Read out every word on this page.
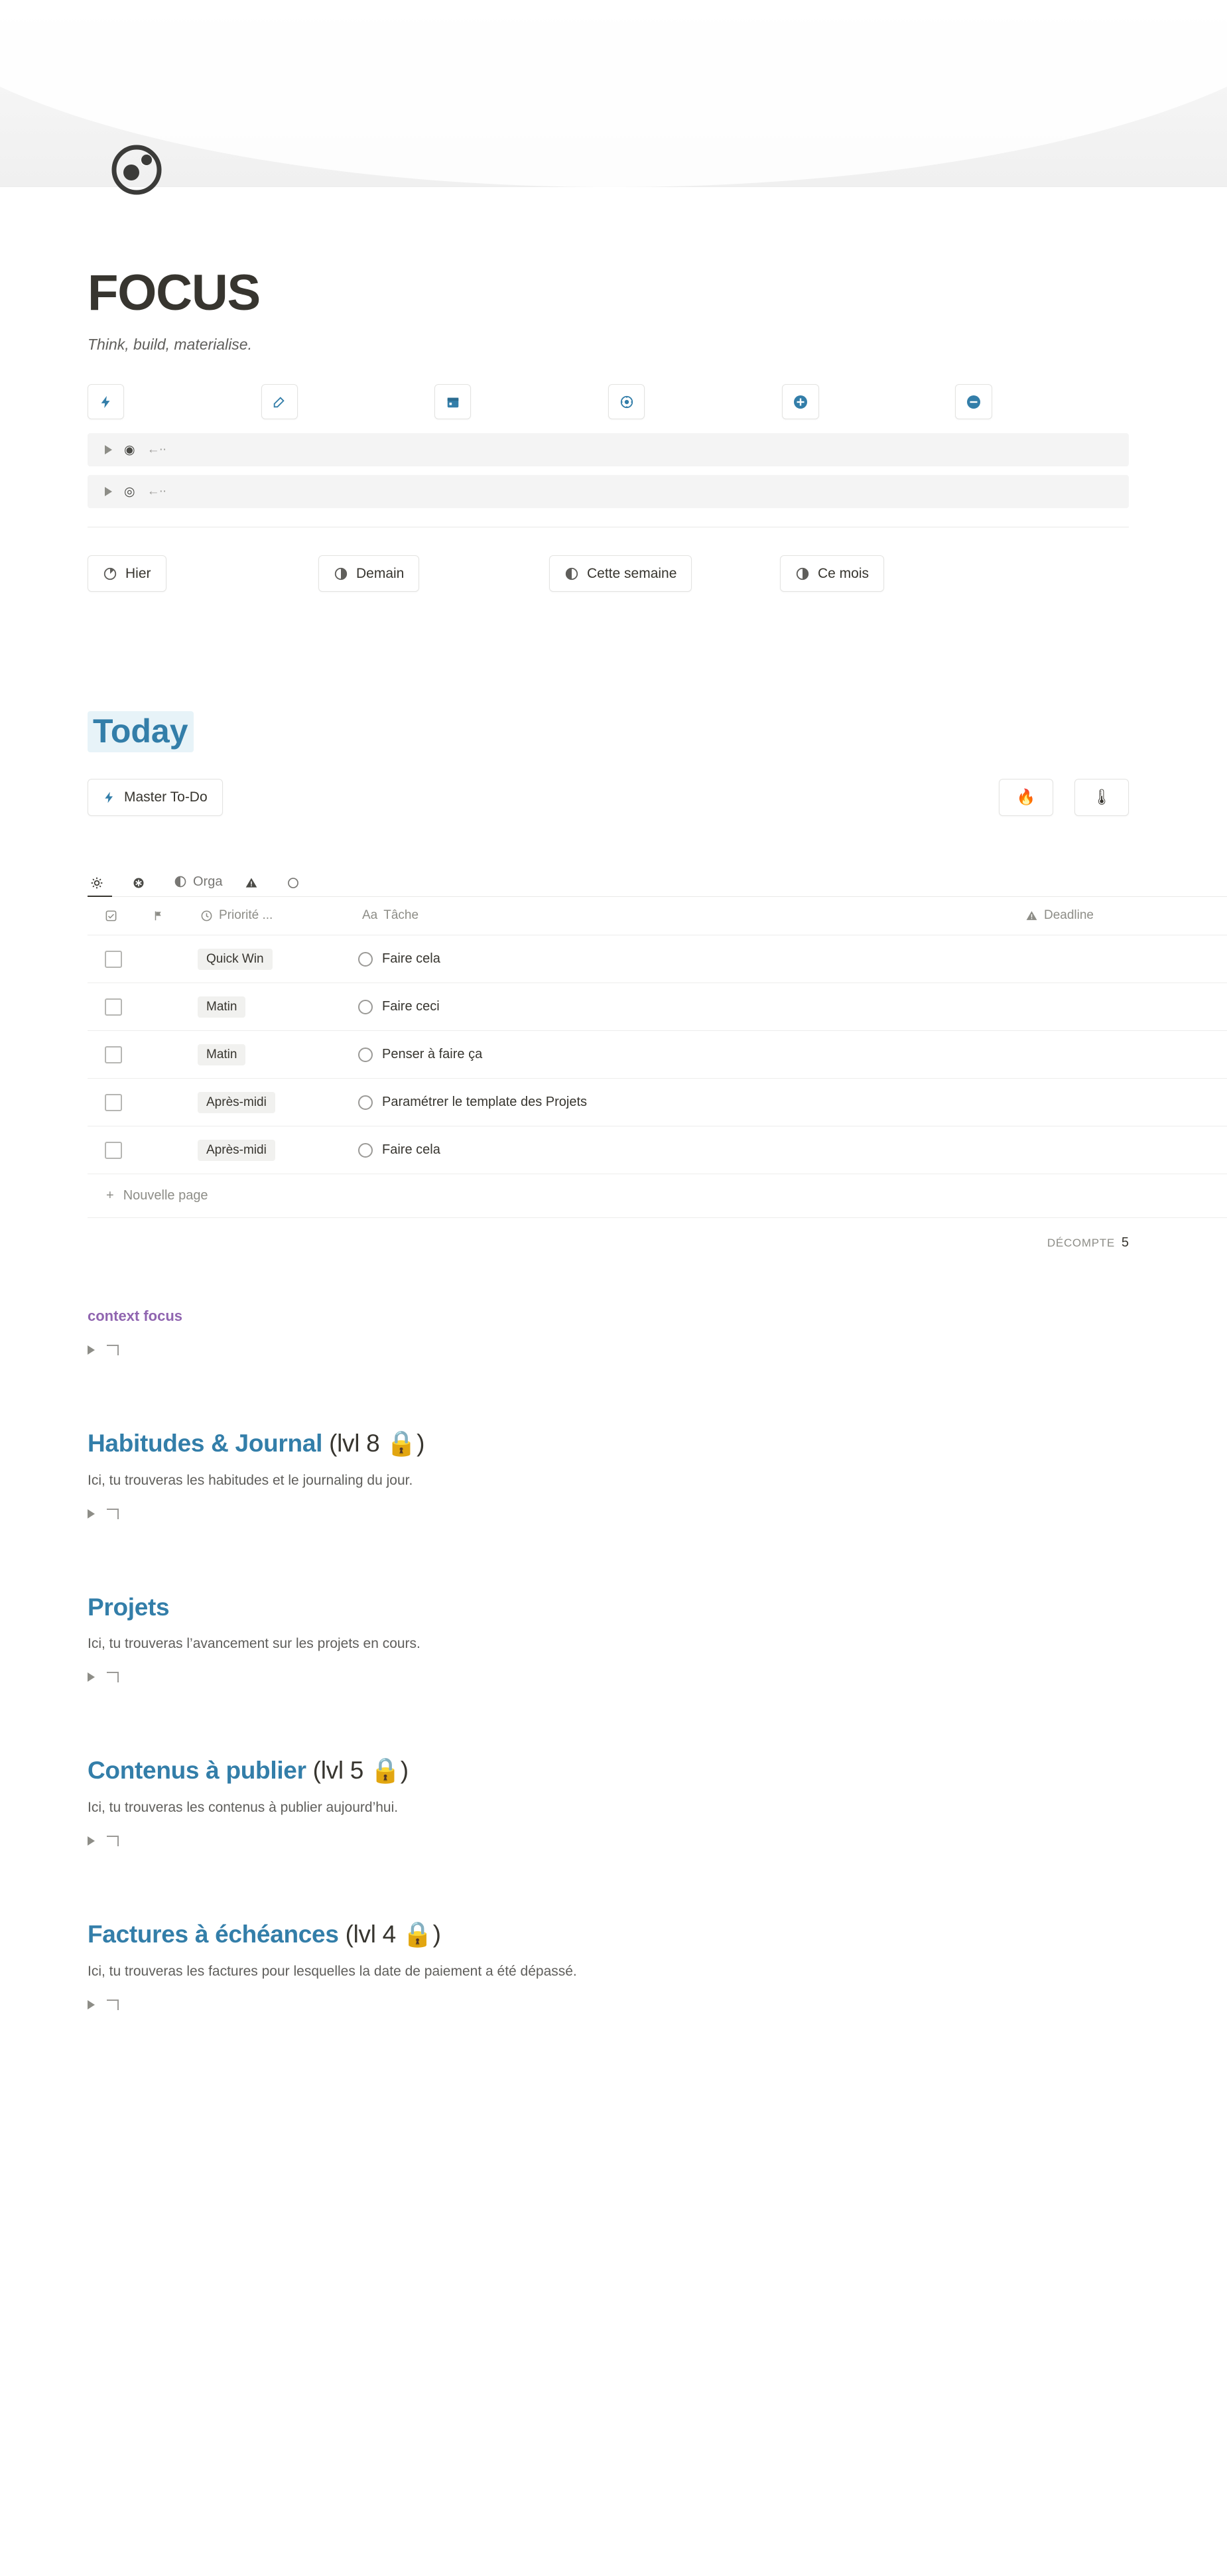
FOCUS
Think, build, materialise.
◉ ←··
◎ ←··
Hier	Demain	Cette semaine	Ce mois
Today
Master To-Do	🔥	🌡
Orga

Priorité ...	Aa Tâche	Deadline

		Quick Win	Faire cela	

		Matin	Faire ceci	

		Matin	Penser à faire ça	

		Après-midi	Paramétrer le template des Projets	

		Après-midi	Faire cela	

+ Nouvelle page
DÉCOMPTE 5
context focus
Habitudes & Journal (lvl 8 🔒)
Ici, tu trouveras les habitudes et le journaling du jour.
Projets
Ici, tu trouveras l’avancement sur les projets en cours.
Contenus à publier (lvl 5 🔒)
Ici, tu trouveras les contenus à publier aujourd’hui.
Factures à échéances (lvl 4 🔒)
Ici, tu trouveras les factures pour lesquelles la date de paiement a été dépassé.
